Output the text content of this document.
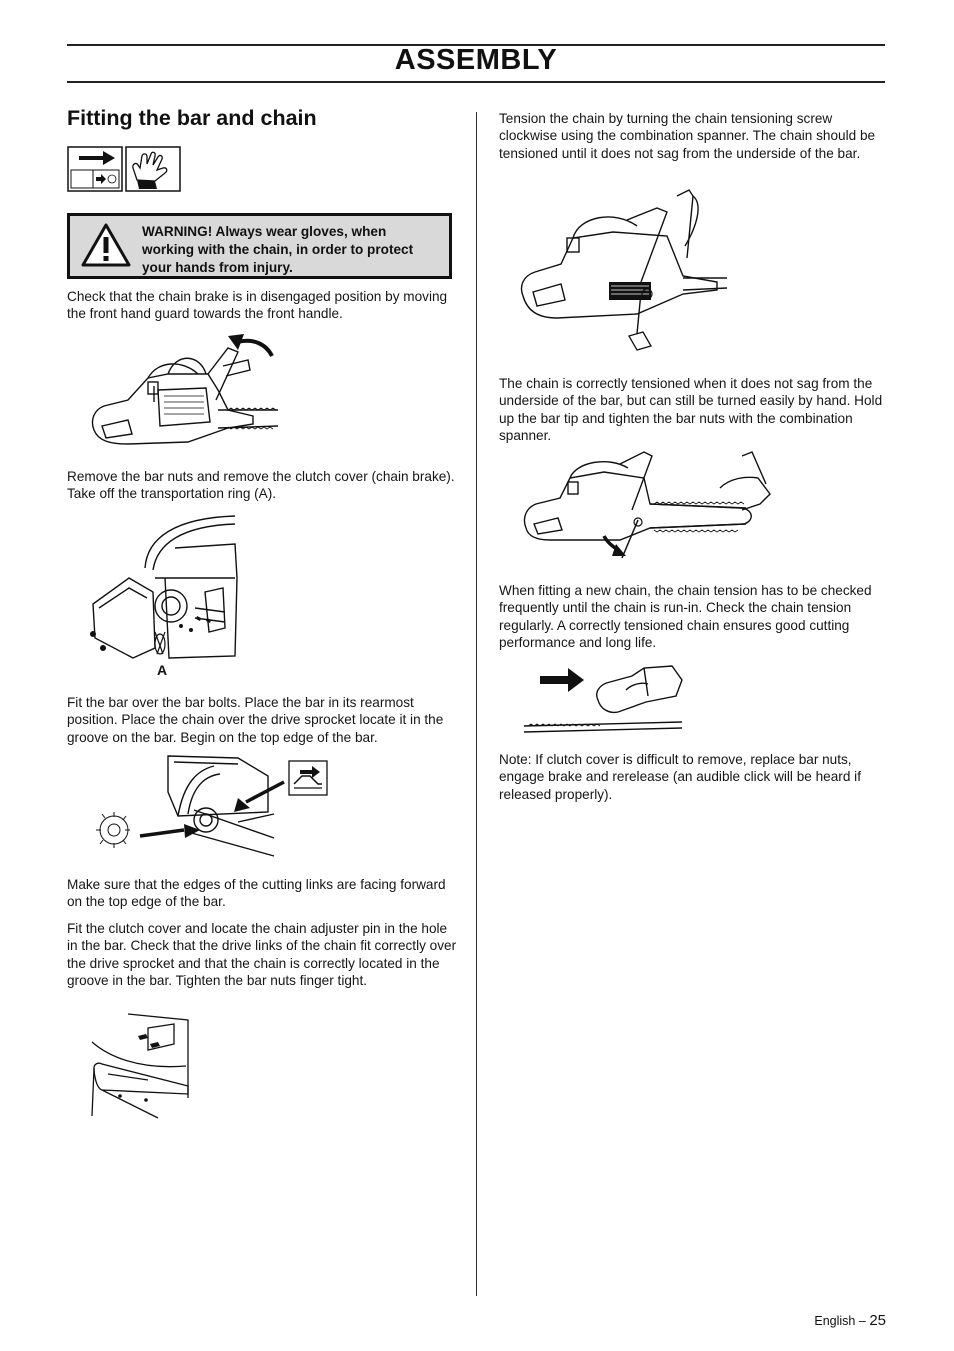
ASSEMBLY
Fitting the bar and chain
WARNING! Always wear gloves, when working with the chain, in order to protect your hands from injury.

Check that the chain brake is in disengaged position by moving the front hand guard towards the front handle.

Remove the bar nuts and remove the clutch cover (chain brake). Take off the transportation ring (A).

A

Fit the bar over the bar bolts. Place the bar in its rearmost position. Place the chain over the drive sprocket locate it in the groove on the bar. Begin on the top edge of the bar.

Make sure that the edges of the cutting links are facing forward on the top edge of the bar.

Fit the clutch cover and locate the chain adjuster pin in the hole in the bar. Check that the drive links of the chain fit correctly over the drive sprocket and that the chain is correctly located in the groove in the bar. Tighten the bar nuts finger tight.

Tension the chain by turning the chain tensioning screw clockwise using the combination spanner. The chain should be tensioned until it does not sag from the underside of the bar.

The chain is correctly tensioned when it does not sag from the underside of the bar, but can still be turned easily by hand. Hold up the bar tip and tighten the bar nuts with the combination spanner.

When fitting a new chain, the chain tension has to be checked frequently until the chain is run-in. Check the chain tension regularly. A correctly tensioned chain ensures good cutting performance and long life.

Note: If clutch cover is difficult to remove, replace bar nuts, engage brake and rerelease (an audible click will be heard if released properly).

English – 25
